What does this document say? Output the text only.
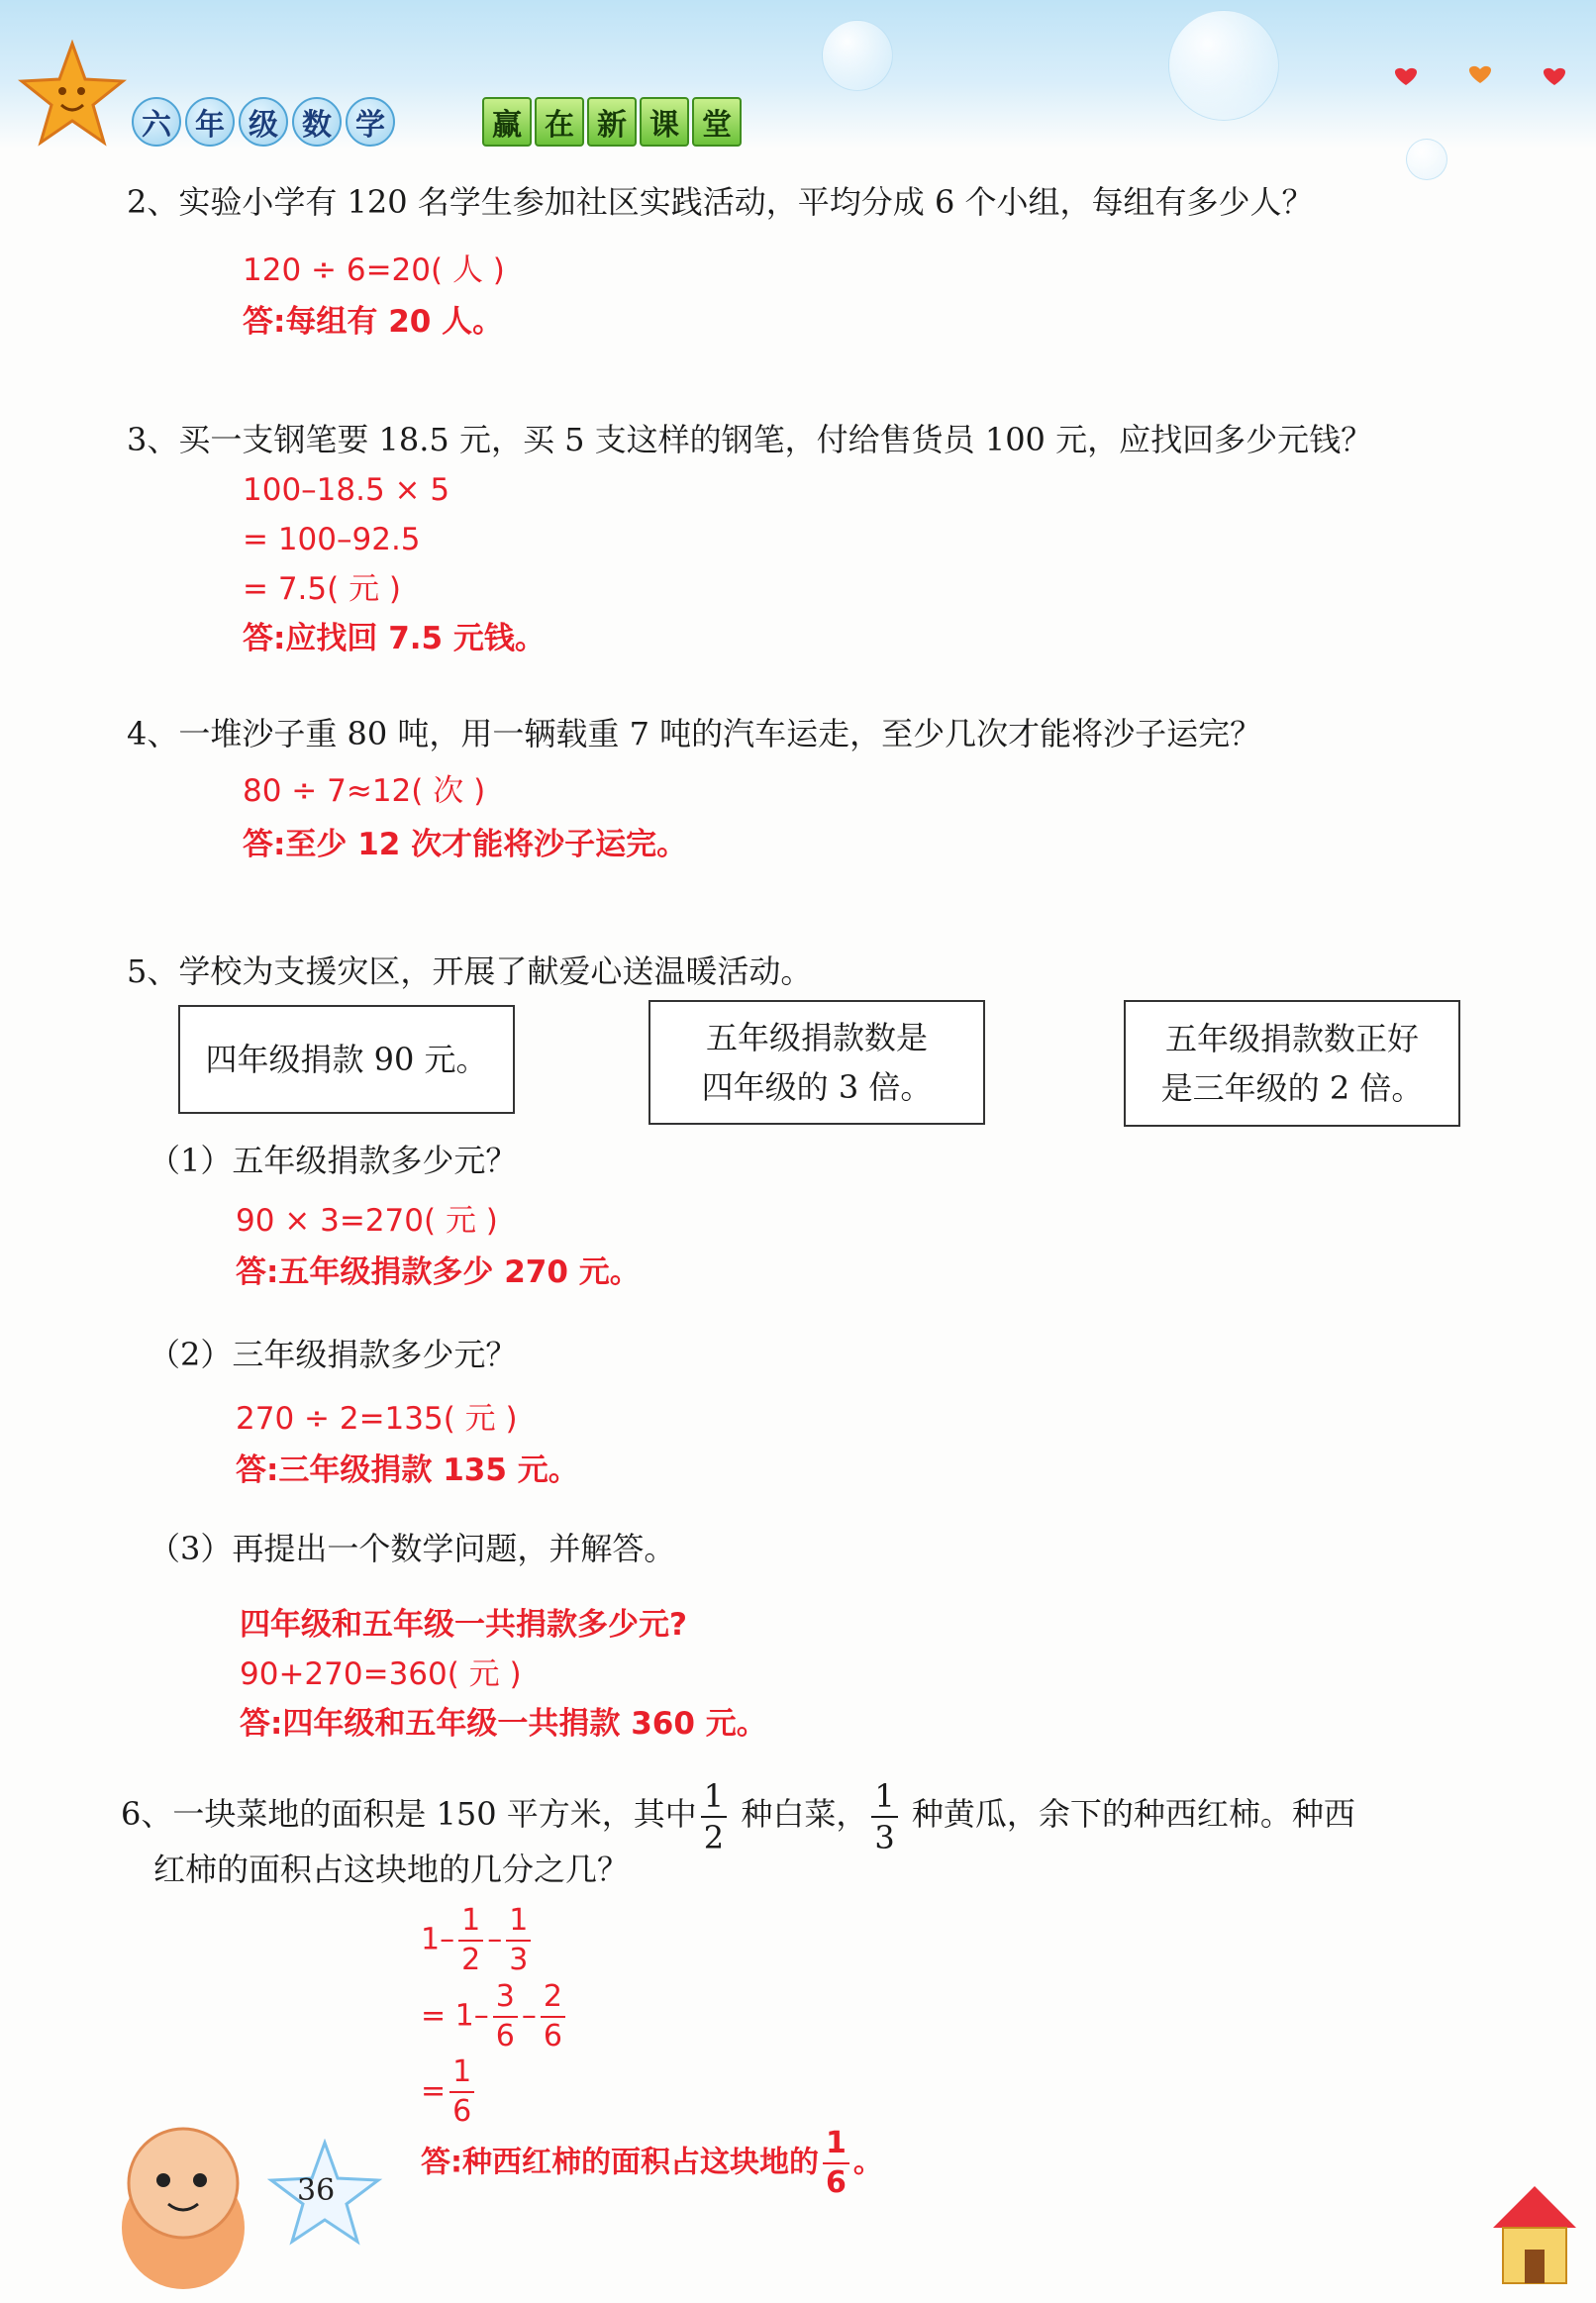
六 年 级 数 学	赢 在 新 课 堂

2、实验小学有 120 名学生参加社区实践活动，平均分成 6 个小组，每组有多少人？
120 ÷ 6=20( 人 )
答:每组有 20 人。
3、买一支钢笔要 18.5 元，买 5 支这样的钢笔，付给售货员 100 元，应找回多少元钱？
100–18.5 × 5
= 100–92.5
= 7.5( 元 )
答:应找回 7.5 元钱。
4、一堆沙子重 80 吨，用一辆载重 7 吨的汽车运走，至少几次才能将沙子运完？
80 ÷ 7≈12( 次 )
答:至少 12 次才能将沙子运完。
5、学校为支援灾区，开展了献爱心送温暖活动。
四年级捐款 90 元。
五年级捐款数是
四年级的 3 倍。
五年级捐款数正好
是三年级的 2 倍。
（1）五年级捐款多少元？
90 × 3=270( 元 )
答:五年级捐款多少 270 元。
（2）三年级捐款多少元？
270 ÷ 2=135( 元 )
答:三年级捐款 135 元。
（3）再提出一个数学问题，并解答。
四年级和五年级一共捐款多少元?
90+270=360( 元 )
答:四年级和五年级一共捐款 360 元。
6、一块菜地的面积是 150 平方米，其中 $\frac{1}{2}$ 种白菜， $\frac{1}{3}$ 种黄瓜，余下的种西红柿。种西
红柿的面积占这块地的几分之几？
$1- \frac{1}{2} - \frac{1}{3}$
= $1- \frac{3}{6} - \frac{2}{6}$
= $\frac{1}{6}$
答:种西红柿的面积占这块地的 $\frac{1}{6}$ 。
36
